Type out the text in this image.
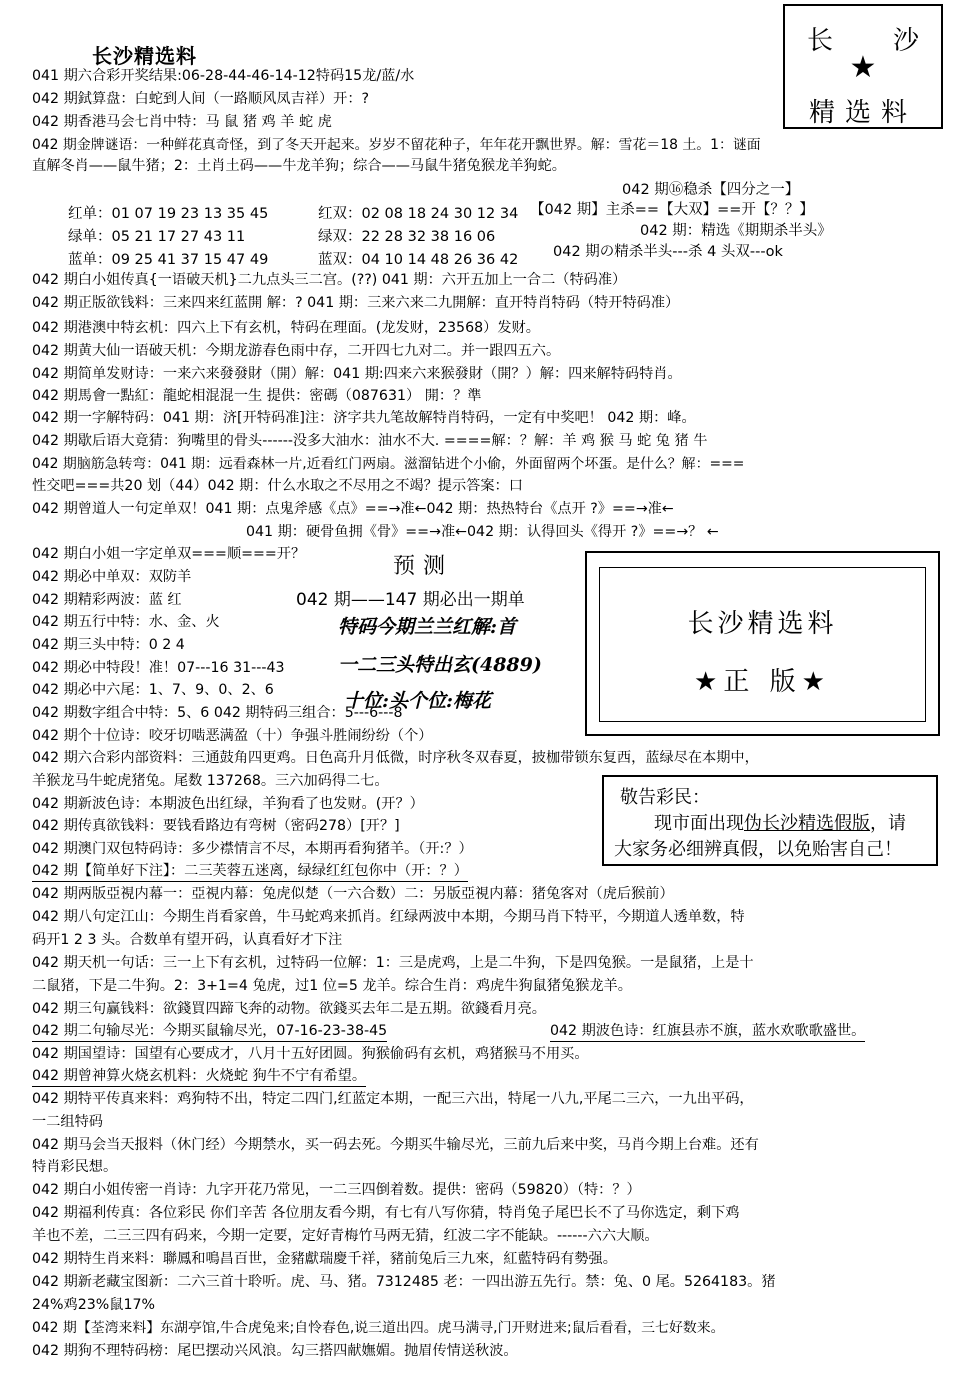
长沙精选料	长 沙
★
精选料
041 期六合彩开奖结果:06-28-44-46-14-12特码15龙/蓝/水
042 期鉽算盘：白蛇到人间（一路顺风凤吉祥）开：?
042 期香港马会七肖中特：马 鼠 猪 鸡 羊 蛇 虎
042 期金牌谜语：一种鲜花真奇怪，到了冬天开起来。岁岁不留花种子，年年花开飘世界。解：雪花＝18 土。1：谜面
直解冬肖——鼠牛猪；2：土肖土码——牛龙羊狗；综合——马鼠牛猪兔猴龙羊狗蛇。
红单：01 07 19 23 13 35 45	红双：02 08 18 24 30 12 34
绿单：05 21 17 27 43 11	绿双：22 28 32 38 16 06
蓝单：09 25 41 37 15 47 49	蓝双：04 10 14 48 26 36 42
042 期⑯稳杀【四分之一】
【042 期】主杀==【大双】==开【？？】
042 期：精选《期期杀半头》
042 期の精杀半头---杀 4 头双---ok
042 期白小姐传真{一语破天机}二九点头三二宫。(??) 041 期：六开五加上一合二（特码准）
042 期正版欲钱料：三来四来红蓝開 解：? 041 期：三来六来二九開解：直开特肖特码（特开特码准）
042 期港澳中特玄机：四六上下有玄机，特码在理面。(龙发财，23568）发财。
042 期黄大仙一语破天机：今期龙游春色雨中存，二开四七九对二。并一跟四五六。
042 期简单发财诗：一来六来發發財（開）解：041 期:四来六来猴發財（開？）解：四来解特码特肖。
042 期馬會一點紅：龍蛇相混混一生 提供：密碼（087631） 開：？準
042 期一字解特码：041 期：济[开特码准]注：济字共九笔故解特肖特码，一定有中奖吧！ 042 期：峰。
042 期歇后语大竟猜：狗嘴里的骨头------没多大油水：油水不大. ====解：？解：羊 鸡 猴 马 蛇 兔 猪 牛
042 期脑筋急转弯：041 期：远看森林一片,近看红门两扇。滋溜钻进个小偷，外面留两个坏蛋。是什么？解：===
性交吧===共20 划（44）042 期：什么水取之不尽用之不竭？提示答案：口
042 期曾道人一句定单双！041 期：点鬼斧感《点》==→准←042 期：热热特台《点开 ?》==→准←
041 期：硬骨鱼拥《骨》==→准←042 期：认得回头《得开 ?》==→？ ←
042 期白小姐一字定单双===顺===开？
042 期必中单双：双防羊
042 期精彩两波：蓝 红
042 期五行中特：水、金、火
042 期三头中特：0 2 4
042 期必中特段！准！07---16 31---43
042 期必中六尾：1、7、9、0、2、6
042 期数字组合中特：5、6 042 期特码三组合：5---6---8
预测
042 期——147 期必出一期单
特码今期兰兰红解:首
一二三头特出玄(4889)
十位:头个位:梅花
长沙精选料
★正 版★
042 期个十位诗：咬牙切啮恶满盈（十）争强斗胜闹纷纷（个）
042 期六合彩内部资料：三通鼓角四更鸡。日色高升月低微，时序秋冬双春夏，披枷带锁东复西，蓝绿尽在本期中，
羊猴龙马牛蛇虎猪兔。尾数 137268。三六加码得二七。
042 期新波色诗：本期波色出红绿，羊狗看了也发财。(开？）
042 期传真欲钱料：要钱看路边有弯树（密码278）[开？]
042 期澳门双包特码诗：多少襟情言不尽，本期再看狗猪羊。（开:？）
042 期【简单好下注】：二三芙蓉五迷离，绿绿红红包你中（开：？）
敬告彩民：
现市面出现伪长沙精选假版，请
大家务必细辨真假，以免贻害自己！
042 期两版亞視内幕一：亞視内幕：兔虎似楚（一六合数）二：另版亞視内幕：猪兔客对（虎后猴前）
042 期八句定江山：今期生肖看家兽，牛马蛇鸡来抓肖。红绿两波中本期，今期马肖下特平，今期道人透单数，特
码开1 2 3 头。合数单有望开码，认真看好才下注
042 期天机一句话：三一上下有玄机，过特码一位解：1：三是虎鸡，上是二牛狗，下是四兔猴。一是鼠猪，上是十
二鼠猪，下是二牛狗。2：3+1=4 兔虎，过1 位=5 龙羊。综合生肖：鸡虎牛狗鼠猪兔猴龙羊。
042 期三句赢钱料：欲錢買四蹄飞奔的动物。欲錢买去年二是五期。欲錢看月亮。
042 期二句输尽光：今期买鼠输尽光，07-16-23-38-45	042 期波色诗：红旗县赤不旗，蓝水欢歌歌盛世。
042 期国望诗：国望有心要成才，八月十五好团圆。狗猴偷码有玄机，鸡猪猴马不用买。
042 期曾神算火烧玄机料：火烧蛇 狗牛不宁有希望。
042 期特平传真来料：鸡狗特不出，特定二四门,红蓝定本期，一配三六出，特尾一八九,平尾二三六，一九出平码，
一二组特码
042 期马会当天报料（休门经）今期禁水，买一码去死。今期买牛输尽光，三前九后来中奖，马肖今期上台难。还有
特肖彩民想。
042 期白小姐传密一肖诗：九字开花乃常见，一二三四倒着数。提供：密码（59820）（特：？）
042 期福利传真：各位彩民 你们辛苦 各位朋友看今期，有七有八写你猜，特肖兔子尾巴长不了马你选定，剩下鸡
羊也不差，二三三四有码来，今期一定要，定好青梅竹马两无猜，红波二字不能缺。------六六大顺。
042 期特生肖来料：聯鳳和鳴昌百世，金豬獻瑞慶千祥，豬前兔后三九來，紅藍特码有勢强。
042 期新老藏宝图新：二六三首十聆听。虎、马、猪。7312485 老：一四出游五先行。禁：兔、0 尾。5264183。猪
24%鸡23%鼠17%
042 期【荃湾来料】东湖亭馆,牛合虎兔来;自怜春色,说三道出四。虎马满寻,门开财进来;鼠后看看，三七好数来。
042 期狗不理特码榜：尾巴摆动兴风浪。勾三搭四献嫵媚。抛眉传情送秋波。
